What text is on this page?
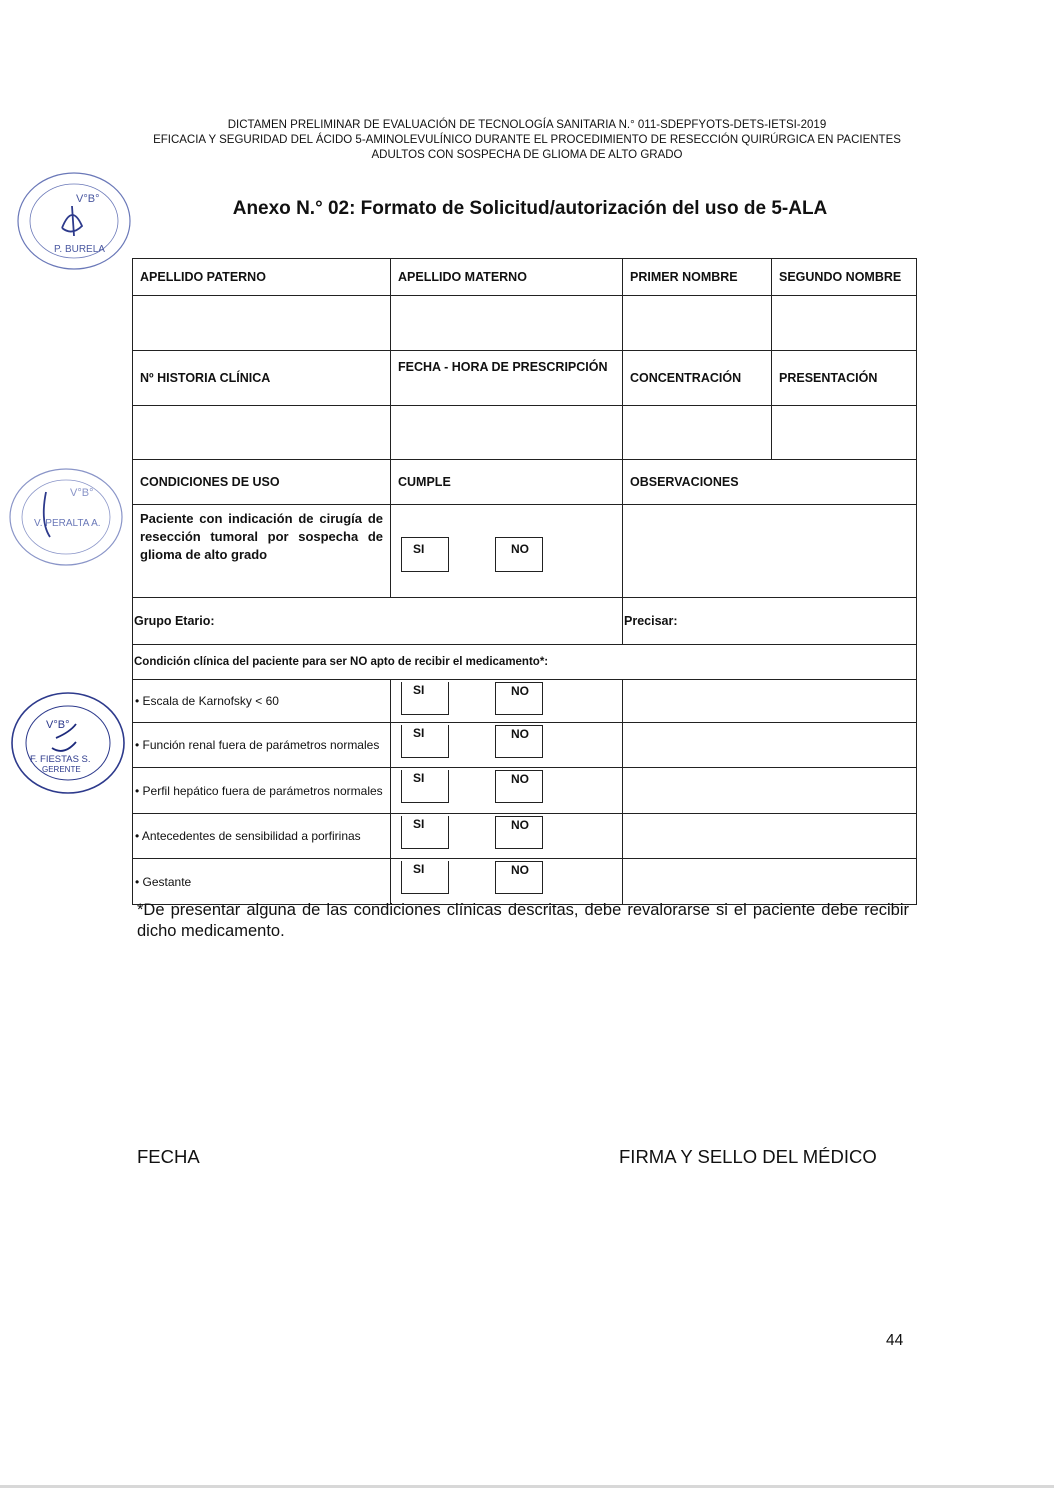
DICTAMEN PRELIMINAR DE EVALUACIÓN DE TECNOLOGÍA SANITARIA N.° 011-SDEPFYOTS-DETS-IETSI-2019
EFICACIA Y SEGURIDAD DEL ÁCIDO 5-AMINOLEVULÍNICO DURANTE EL PROCEDIMIENTO DE RESECCIÓN QUIRÚRGICA EN PACIENTES
ADULTOS CON SOSPECHA DE GLIOMA DE ALTO GRADO
Anexo N.° 02: Formato de Solicitud/autorización del uso de 5-ALA
V°B°
P. BURELA
V°B°
V. PERALTA A.
V°B°
F. FIESTAS S.
GERENTE
APELLIDO PATERNO	APELLIDO MATERNO	PRIMER NOMBRE	SEGUNDO NOMBRE

Nº HISTORIA CLÍNICA	FECHA - HORA DE PRESCRIPCIÓN	CONCENTRACIÓN	PRESENTACIÓN

CONDICIONES DE USO	CUMPLE	OBSERVACIONES	

Paciente con indicación de cirugía de resección tumoral por sospecha de glioma de alto grado	SI NO		

Grupo Etario:		Precisar:	
Condición clínica del paciente para ser NO apto de recibir el medicamento*:			
• Escala de Karnofsky < 60	SI NO		

• Función renal fuera de parámetros normales	SI NO		

• Perfil hepático fuera de parámetros normales	SI NO		

• Antecedentes de sensibilidad a porfirinas	SI NO		

• Gestante	SI NO		

*De presentar alguna de las condiciones clínicas descritas, debe revalorarse si el paciente debe recibir dicho medicamento.
FECHA	FIRMA Y SELLO DEL MÉDICO
44
